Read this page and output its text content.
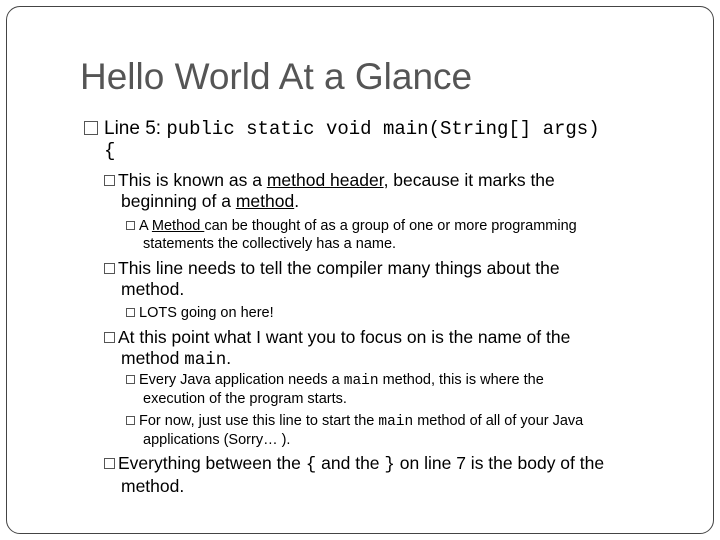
Hello World At a Glance
Line 5: public static void main(String[] args)
{
This is known as a method header, because it marks the
beginning of a method.
A Method can be thought of as a group of one or more programming
statements the collectively has a name.
This line needs to tell the compiler many things about the
method.
LOTS going on here!
At this point what I want you to focus on is the name of the
method main.
Every Java application needs a main method, this is where the
execution of the program starts.
For now, just use this line to start the main method of all of your Java
applications (Sorry… ).
Everything between the { and the } on line 7 is the body of the
method.
